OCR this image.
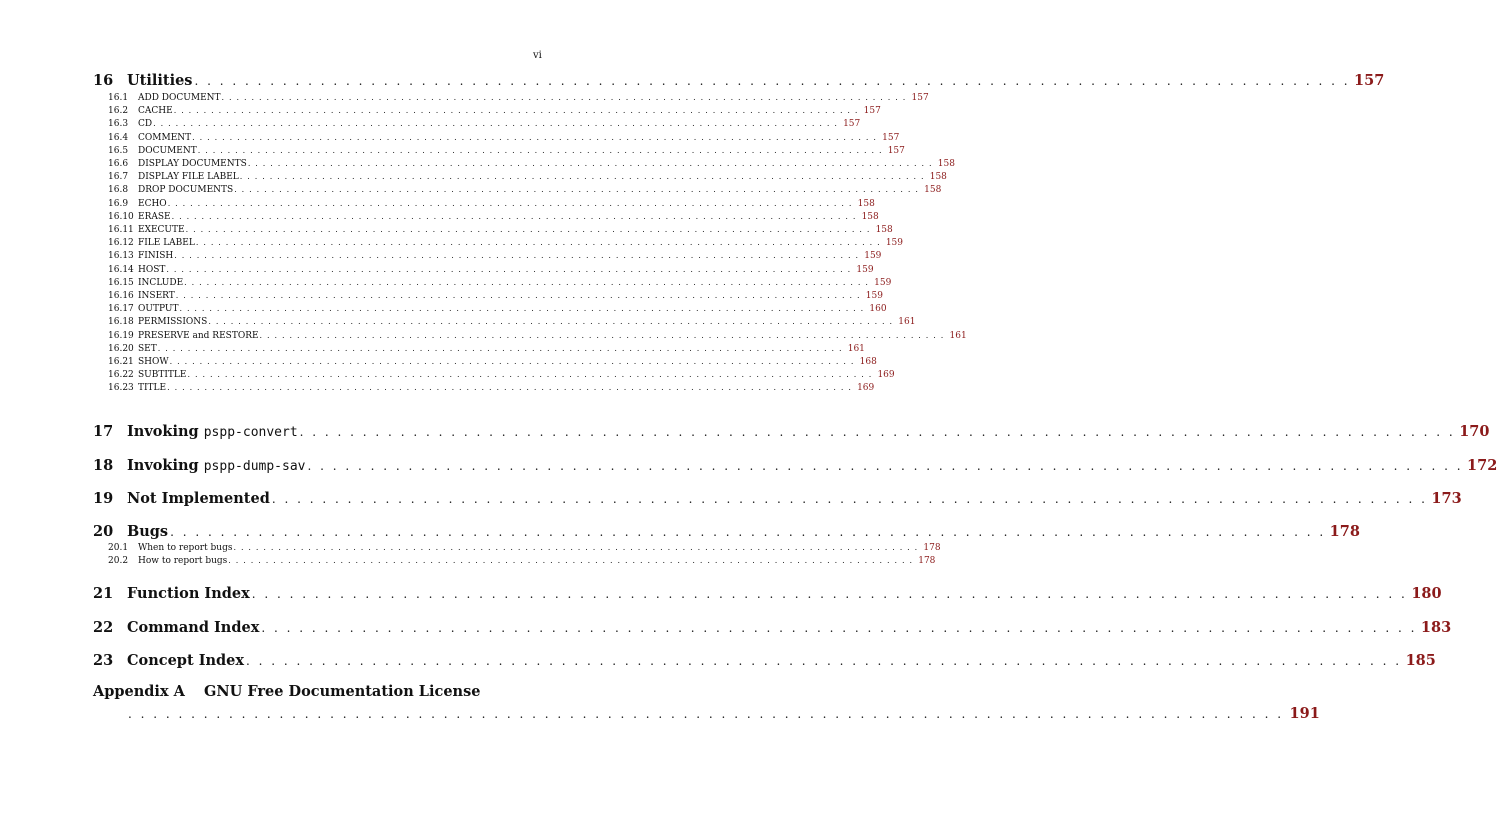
vi
16 Utilities . . . . . . . . . . . . . . . . . . . . . . . . . . . . . . . . . . . . . . . . . . . . . . . . . . . . . . . . . . . . . . . . . . . . . . . . . . . . . . . . . . . . . . . . . . . . 157
16.1	ADD DOCUMENT . . . . . . . . . . . . . . . . . . . . . . . . . . . . . . . . . . . . . . . . . . . . . . . . . . . . . . . . . . . . . . . . . . . . . . . . . . . . . . . . . . . . . . . . . . . . 157
16.2	CACHE . . . . . . . . . . . . . . . . . . . . . . . . . . . . . . . . . . . . . . . . . . . . . . . . . . . . . . . . . . . . . . . . . . . . . . . . . . . . . . . . . . . . . . . . . . . . 157
16.3	CD . . . . . . . . . . . . . . . . . . . . . . . . . . . . . . . . . . . . . . . . . . . . . . . . . . . . . . . . . . . . . . . . . . . . . . . . . . . . . . . . . . . . . . . . . . . . 157
16.4	COMMENT . . . . . . . . . . . . . . . . . . . . . . . . . . . . . . . . . . . . . . . . . . . . . . . . . . . . . . . . . . . . . . . . . . . . . . . . . . . . . . . . . . . . . . . . . . . . 157
16.5	DOCUMENT . . . . . . . . . . . . . . . . . . . . . . . . . . . . . . . . . . . . . . . . . . . . . . . . . . . . . . . . . . . . . . . . . . . . . . . . . . . . . . . . . . . . . . . . . . . . 157
16.6	DISPLAY DOCUMENTS . . . . . . . . . . . . . . . . . . . . . . . . . . . . . . . . . . . . . . . . . . . . . . . . . . . . . . . . . . . . . . . . . . . . . . . . . . . . . . . . . . . . . . . . . . . . 158
16.7	DISPLAY FILE LABEL . . . . . . . . . . . . . . . . . . . . . . . . . . . . . . . . . . . . . . . . . . . . . . . . . . . . . . . . . . . . . . . . . . . . . . . . . . . . . . . . . . . . . . . . . . . . 158
16.8	DROP DOCUMENTS . . . . . . . . . . . . . . . . . . . . . . . . . . . . . . . . . . . . . . . . . . . . . . . . . . . . . . . . . . . . . . . . . . . . . . . . . . . . . . . . . . . . . . . . . . . . 158
16.9	ECHO . . . . . . . . . . . . . . . . . . . . . . . . . . . . . . . . . . . . . . . . . . . . . . . . . . . . . . . . . . . . . . . . . . . . . . . . . . . . . . . . . . . . . . . . . . . . 158
16.10 ERASE . . . . . . . . . . . . . . . . . . . . . . . . . . . . . . . . . . . . . . . . . . . . . . . . . . . . . . . . . . . . . . . . . . . . . . . . . . . . . . . . . . . . . . . . . . . . 158
16.11 EXECUTE . . . . . . . . . . . . . . . . . . . . . . . . . . . . . . . . . . . . . . . . . . . . . . . . . . . . . . . . . . . . . . . . . . . . . . . . . . . . . . . . . . . . . . . . . . . . 158
16.12 FILE LABEL . . . . . . . . . . . . . . . . . . . . . . . . . . . . . . . . . . . . . . . . . . . . . . . . . . . . . . . . . . . . . . . . . . . . . . . . . . . . . . . . . . . . . . . . . . . . 159
16.13 FINISH . . . . . . . . . . . . . . . . . . . . . . . . . . . . . . . . . . . . . . . . . . . . . . . . . . . . . . . . . . . . . . . . . . . . . . . . . . . . . . . . . . . . . . . . . . . . 159
16.14 HOST . . . . . . . . . . . . . . . . . . . . . . . . . . . . . . . . . . . . . . . . . . . . . . . . . . . . . . . . . . . . . . . . . . . . . . . . . . . . . . . . . . . . . . . . . . . . 159
16.15 INCLUDE . . . . . . . . . . . . . . . . . . . . . . . . . . . . . . . . . . . . . . . . . . . . . . . . . . . . . . . . . . . . . . . . . . . . . . . . . . . . . . . . . . . . . . . . . . . . 159
16.16 INSERT . . . . . . . . . . . . . . . . . . . . . . . . . . . . . . . . . . . . . . . . . . . . . . . . . . . . . . . . . . . . . . . . . . . . . . . . . . . . . . . . . . . . . . . . . . . . 159
16.17 OUTPUT . . . . . . . . . . . . . . . . . . . . . . . . . . . . . . . . . . . . . . . . . . . . . . . . . . . . . . . . . . . . . . . . . . . . . . . . . . . . . . . . . . . . . . . . . . . . 160
16.18 PERMISSIONS . . . . . . . . . . . . . . . . . . . . . . . . . . . . . . . . . . . . . . . . . . . . . . . . . . . . . . . . . . . . . . . . . . . . . . . . . . . . . . . . . . . . . . . . . . . . 161
16.19 PRESERVE and RESTORE . . . . . . . . . . . . . . . . . . . . . . . . . . . . . . . . . . . . . . . . . . . . . . . . . . . . . . . . . . . . . . . . . . . . . . . . . . . . . . . . . . . . . . . . . . . . 161
16.20 SET . . . . . . . . . . . . . . . . . . . . . . . . . . . . . . . . . . . . . . . . . . . . . . . . . . . . . . . . . . . . . . . . . . . . . . . . . . . . . . . . . . . . . . . . . . . . 161
16.21 SHOW . . . . . . . . . . . . . . . . . . . . . . . . . . . . . . . . . . . . . . . . . . . . . . . . . . . . . . . . . . . . . . . . . . . . . . . . . . . . . . . . . . . . . . . . . . . . 168
16.22 SUBTITLE . . . . . . . . . . . . . . . . . . . . . . . . . . . . . . . . . . . . . . . . . . . . . . . . . . . . . . . . . . . . . . . . . . . . . . . . . . . . . . . . . . . . . . . . . . . . 169
16.23 TITLE . . . . . . . . . . . . . . . . . . . . . . . . . . . . . . . . . . . . . . . . . . . . . . . . . . . . . . . . . . . . . . . . . . . . . . . . . . . . . . . . . . . . . . . . . . . . 169
17 Invoking pspp-convert . . . . . . . . . . . . . . . . . . . . . . . . . . . . . . . . . . . . . . . . . . . . . . . . . . . . . . . . . . . . . . . . . . . . . . . . . . . . . . . . . . . . . . . . . . . . 170
18 Invoking pspp-dump-sav . . . . . . . . . . . . . . . . . . . . . . . . . . . . . . . . . . . . . . . . . . . . . . . . . . . . . . . . . . . . . . . . . . . . . . . . . . . . . . . . . . . . . . . . . . . . 172
19 Not Implemented . . . . . . . . . . . . . . . . . . . . . . . . . . . . . . . . . . . . . . . . . . . . . . . . . . . . . . . . . . . . . . . . . . . . . . . . . . . . . . . . . . . . . . . . . . . . 173
20 Bugs . . . . . . . . . . . . . . . . . . . . . . . . . . . . . . . . . . . . . . . . . . . . . . . . . . . . . . . . . . . . . . . . . . . . . . . . . . . . . . . . . . . . . . . . . . . . 178
20.1	When to report bugs . . . . . . . . . . . . . . . . . . . . . . . . . . . . . . . . . . . . . . . . . . . . . . . . . . . . . . . . . . . . . . . . . . . . . . . . . . . . . . . . . . . . . . . . . . . . 178
20.2	How to report bugs . . . . . . . . . . . . . . . . . . . . . . . . . . . . . . . . . . . . . . . . . . . . . . . . . . . . . . . . . . . . . . . . . . . . . . . . . . . . . . . . . . . . . . . . . . . . 178
21 Function Index . . . . . . . . . . . . . . . . . . . . . . . . . . . . . . . . . . . . . . . . . . . . . . . . . . . . . . . . . . . . . . . . . . . . . . . . . . . . . . . . . . . . . . . . . . . . 180
22 Command Index . . . . . . . . . . . . . . . . . . . . . . . . . . . . . . . . . . . . . . . . . . . . . . . . . . . . . . . . . . . . . . . . . . . . . . . . . . . . . . . . . . . . . . . . . . . . 183
23 Concept Index . . . . . . . . . . . . . . . . . . . . . . . . . . . . . . . . . . . . . . . . . . . . . . . . . . . . . . . . . . . . . . . . . . . . . . . . . . . . . . . . . . . . . . . . . . . . 185
Appendix A GNU Free Documentation License
. . . . . . . . . . . . . . . . . . . . . . . . . . . . . . . . . . . . . . . . . . . . . . . . . . . . . . . . . . . . . . . . . . . . . . . . . . . . . . . . . . . . . . . . . . . . 191
